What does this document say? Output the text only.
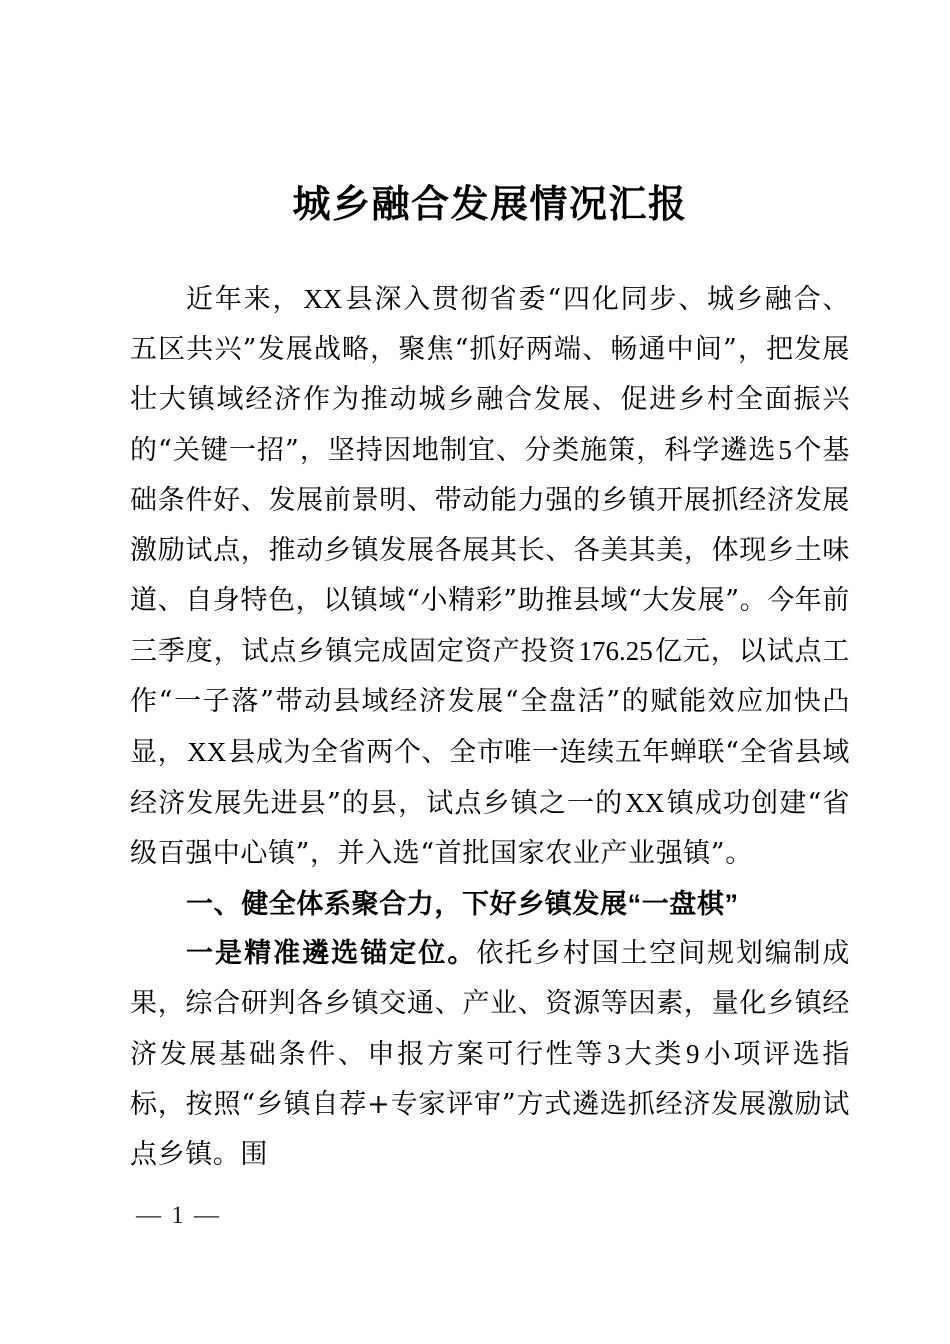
城乡融合发展情况汇报

近年来，XX县深入贯彻省委“四化同步、城乡融合、五区共兴”发展战略，聚焦“抓好两端、畅通中间”，把发展壮大镇域经济作为推动城乡融合发展、促进乡村全面振兴的“关键一招”，坚持因地制宜、分类施策，科学遴选5个基础条件好、发展前景明、带动能力强的乡镇开展抓经济发展激励试点，推动乡镇发展各展其长、各美其美，体现乡土味道、自身特色，以镇域“小精彩”助推县域“大发展”。今年前三季度，试点乡镇完成固定资产投资176.25亿元，以试点工作“一子落”带动县域经济发展“全盘活”的赋能效应加快凸显，XX县成为全省两个、全市唯一连续五年蝉联“全省县域经济发展先进县”的县，试点乡镇之一的XX镇成功创建“省级百强中心镇”，并入选“首批国家农业产业强镇”。

一、健全体系聚合力，下好乡镇发展“一盘棋”

一是精准遴选锚定位。依托乡村国土空间规划编制成果，综合研判各乡镇交通、产业、资源等因素，量化乡镇经济发展基础条件、申报方案可行性等3大类9小项评选指标，按照“乡镇自荐+专家评审”方式遴选抓经济发展激励试点乡镇。围

— 1 —
